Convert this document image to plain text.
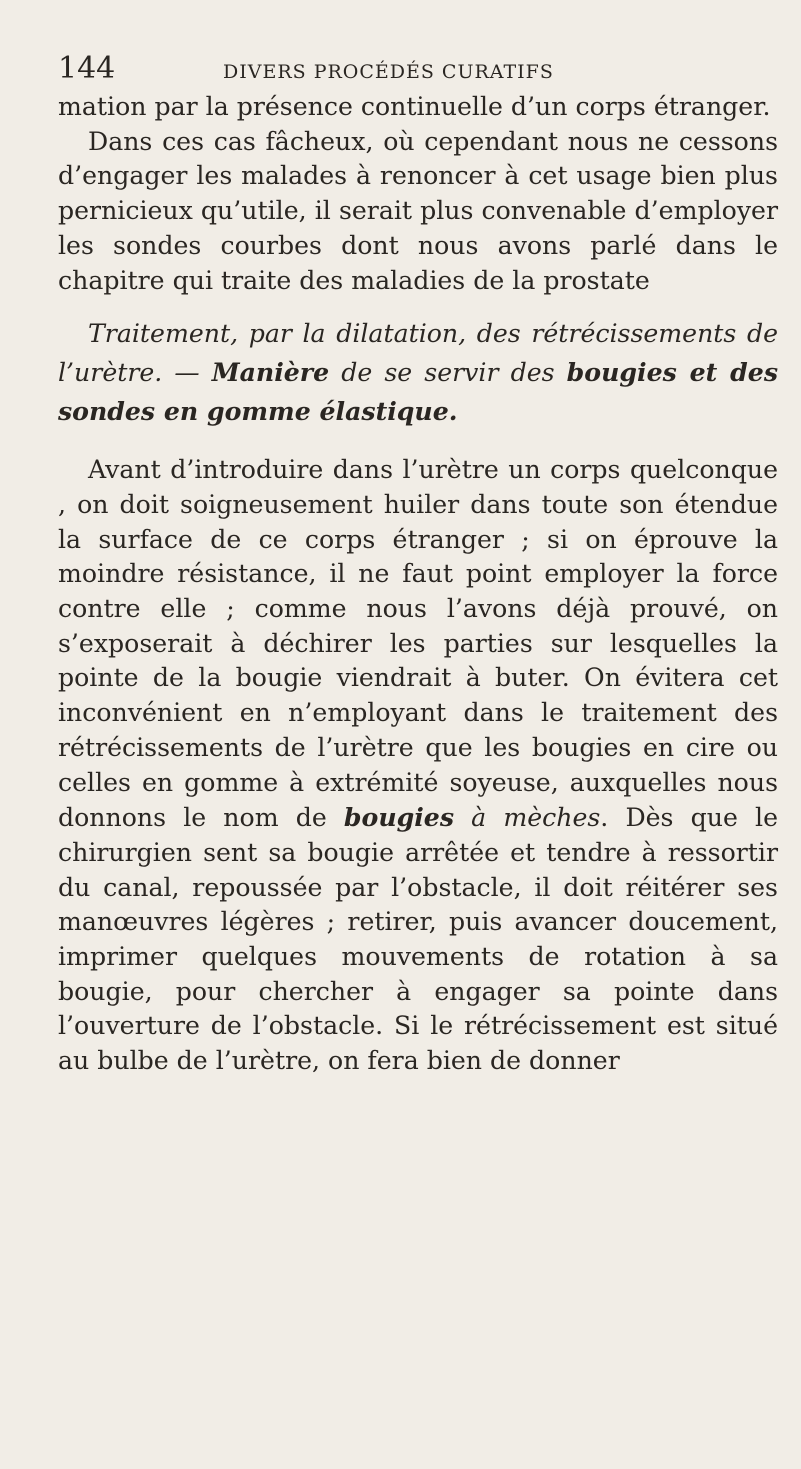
144	DIVERS PROCÉDÉS CURATIFS

mation par la présence continuelle d’un corps étranger.

Dans ces cas fâcheux, où cependant nous ne cessons d’engager les malades à renoncer à cet usage bien plus pernicieux qu’utile, il serait plus convenable d’employer les sondes courbes dont nous avons parlé dans le chapitre qui traite des maladies de la prostate

Traitement, par la dilatation, des rétrécissements de l’urètre. — Manière de se servir des bougies et des sondes en gomme élastique.

Avant d’introduire dans l’urètre un corps quelconque , on doit soigneusement huiler dans toute son étendue la surface de ce corps étranger ; si on éprouve la moindre résistance, il ne faut point employer la force contre elle ; comme nous l’avons déjà prouvé, on s’exposerait à déchirer les parties sur lesquelles la pointe de la bougie viendrait à buter. On évitera cet inconvénient en n’employant dans le traitement des rétrécissements de l’urètre que les bougies en cire ou celles en gomme à extrémité soyeuse, auxquelles nous donnons le nom de bougies à mèches. Dès que le chirurgien sent sa bougie arrêtée et tendre à ressortir du canal, repoussée par l’obstacle, il doit réitérer ses manœuvres légères ; retirer, puis avancer doucement, imprimer quelques mouvements de rotation à sa bougie, pour chercher à engager sa pointe dans l’ouverture de l’obstacle. Si le rétrécissement est situé au bulbe de l’urètre, on fera bien de donner
